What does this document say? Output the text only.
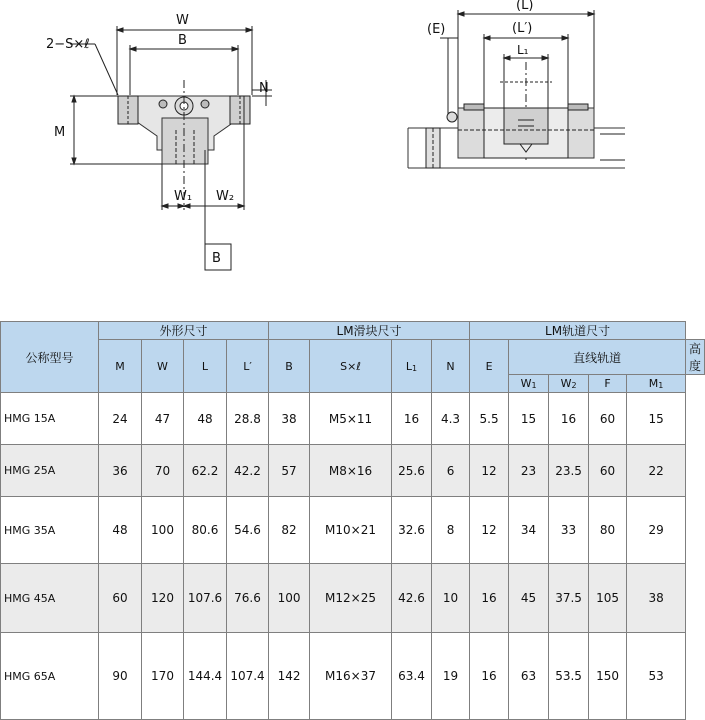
W
B
2−S×ℓ
N
M
W₁ W₂
B
(L)
(L′)
(E)
L₁
公称型号	外形尺寸				LM滑块尺寸				LM轨道尺寸					
	M	W	L	L′	B	S×ℓ	L1	N	E	直线轨道				高度
										W1	W2	F	M1	
HMG 15A	24	47	48	28.8	38	M5×11	16	4.3	5.5	15	16	60	15	
HMG 25A	36	70	62.2	42.2	57	M8×16	25.6	6	12	23	23.5	60	22	
HMG 35A	48	100	80.6	54.6	82	M10×21	32.6	8	12	34	33	80	29	
HMG 45A	60	120	107.6	76.6	100	M12×25	42.6	10	16	45	37.5	105	38	
HMG 65A	90	170	144.4	107.4	142	M16×37	63.4	19	16	63	53.5	150	53	
